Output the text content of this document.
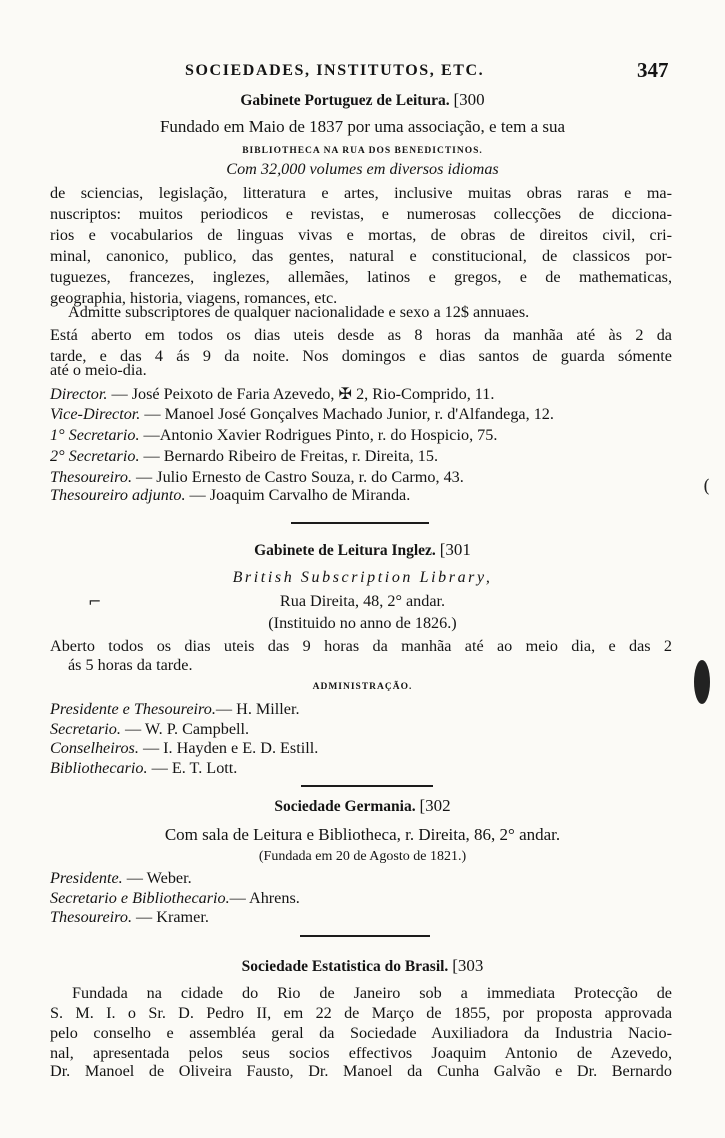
SOCIEDADES, INSTITUTOS, ETC.	347
Gabinete Portuguez de Leitura. [300
Fundado em Maio de 1837 por uma associação, e tem a sua
BIBLIOTHECA NA RUA DOS BENEDICTINOS.
Com 32,000 volumes em diversos idiomas
de sciencias, legislação, litteratura e artes, inclusive muitas obras raras e ma-
nuscriptos: muitos periodicos e revistas, e numerosas collecções de dicciona-
rios e vocabularios de linguas vivas e mortas, de obras de direitos civil, cri-
minal, canonico, publico, das gentes, natural e constitucional, de classicos por-
tuguezes, francezes, inglezes, allemães, latinos e gregos, e de mathematicas,
geographia, historia, viagens, romances, etc.
Admitte subscriptores de qualquer nacionalidade e sexo a 12$ annuaes.
Está aberto em todos os dias uteis desde as 8 horas da manhãa até às 2 da
tarde, e das 4 ás 9 da noite. Nos domingos e dias santos de guarda sómente
até o meio-dia.
Director. — José Peixoto de Faria Azevedo, ✠ 2, Rio-Comprido, 11.
Vice-Director. — Manoel José Gonçalves Machado Junior, r. d'Alfandega, 12.
1° Secretario. —Antonio Xavier Rodrigues Pinto, r. do Hospicio, 75.
2° Secretario. — Bernardo Ribeiro de Freitas, r. Direita, 15.
Thesoureiro. — Julio Ernesto de Castro Souza, r. do Carmo, 43.
Thesoureiro adjunto. — Joaquim Carvalho de Miranda.
Gabinete de Leitura Inglez. [301
British Subscription Library,
Rua Direita, 48, 2° andar.
(Instituido no anno de 1826.)
Aberto todos os dias uteis das 9 horas da manhãa até ao meio dia, e das 2
ás 5 horas da tarde.
ADMINISTRAÇÃO.
Presidente e Thesoureiro.— H. Miller.
Secretario. — W. P. Campbell.
Conselheiros. — I. Hayden e E. D. Estill.
Bibliothecario. — E. T. Lott.
Sociedade Germania. [302
Com sala de Leitura e Bibliotheca, r. Direita, 86, 2° andar.
(Fundada em 20 de Agosto de 1821.)
Presidente. — Weber.
Secretario e Bibliothecario.— Ahrens.
Thesoureiro. — Kramer.
Sociedade Estatistica do Brasil. [303
Fundada na cidade do Rio de Janeiro sob a immediata Protecção de
S. M. I. o Sr. D. Pedro II, em 22 de Março de 1855, por proposta approvada
pelo conselho e assembléa geral da Sociedade Auxiliadora da Industria Nacio-
nal, apresentada pelos seus socios effectivos Joaquim Antonio de Azevedo,
Dr. Manoel de Oliveira Fausto, Dr. Manoel da Cunha Galvão e Dr. Bernardo
(
⌐
